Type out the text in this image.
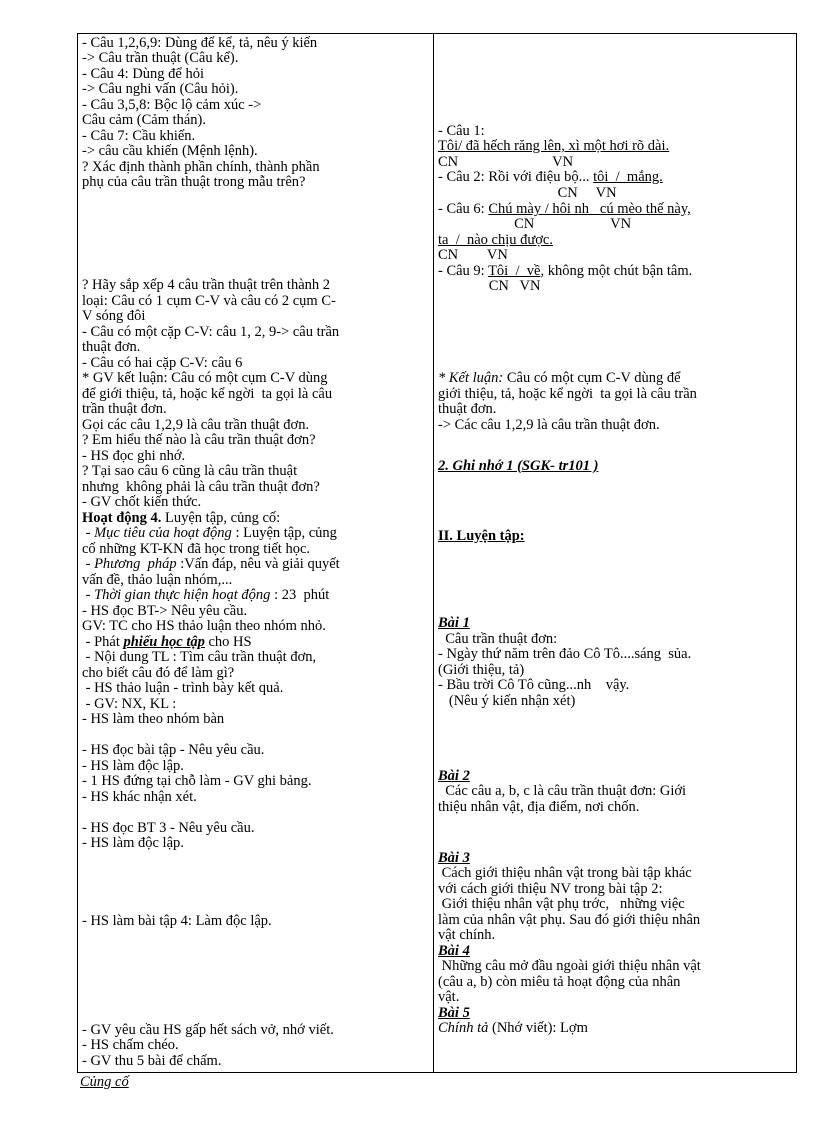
- Câu 1,2,6,9: Dùng để kể, tả, nêu ý kiến
-> Câu trần thuật (Câu kể).
- Câu 4: Dùng để hỏi
-> Câu nghi vấn (Câu hỏi).
- Câu 3,5,8: Bộc lộ cảm xúc ->
Câu cảm (Cảm thán).
- Câu 7: Cầu khiến.
-> câu cầu khiến (Mệnh lệnh).
? Xác định thành phần chính, thành phần
phụ của câu trần thuật trong mẫu trên?
? Hãy sắp xếp 4 câu trần thuật trên thành 2
loại: Câu có 1 cụm C-V và câu có 2 cụm C-
V sóng đôi
- Câu có một cặp C-V: câu 1, 2, 9-> câu trần
thuật đơn.
- Câu có hai cặp C-V: câu 6
* GV kết luận: Câu có một cụm C-V dùng
để giới thiệu, tả, hoặc kể ngời  ta gọi là câu
trần thuật đơn.
Gọi các câu 1,2,9 là câu trần thuật đơn.
? Em hiểu thế nào là câu trần thuật đơn?
- HS đọc ghi nhớ.
? Tại sao câu 6 cũng là câu trần thuật
nhưng  không phải là câu trần thuật đơn?
- GV chốt kiến thức.
Hoạt động 4. Luyện tập, củng cố:
- Mục tiêu của hoạt động : Luyện tập, củng
cố những KT-KN đã học trong tiết học.
- Phương  pháp :Vấn đáp, nêu và giải quyết
vấn đề, thảo luận nhóm,...
- Thời gian thực hiện hoạt động : 23  phút
- HS đọc BT-> Nêu yêu cầu.
GV: TC cho HS thảo luận theo nhóm nhỏ.
- Phát phiếu học tập cho HS
- Nội dung TL : Tìm câu trần thuật đơn,
cho biết câu đó để làm gì?
- HS thảo luận - trình bày kết quả.
- GV: NX, KL :
- HS làm theo nhóm bàn
- HS đọc bài tập - Nêu yêu cầu.
- HS làm độc lập.
- 1 HS đứng tại chỗ làm - GV ghi bảng.
- HS khác nhận xét.
- HS đọc BT 3 - Nêu yêu cầu.
- HS làm độc lập.
- HS làm bài tập 4: Làm độc lập.
- GV yêu cầu HS gấp hết sách vở, nhớ viết.
- HS chấm chéo.
- GV thu 5 bài để chấm.
- Câu 1:
Tôi/ đã hếch răng lên, xì một hơi rõ dài.
CN                          VN
- Câu 2: Rồi với điệu bộ... tôi  /  mắng.
CN     VN
- Câu 6: Chú mày / hôi nh   cú mèo thế này,
CN                     VN
ta  /  nào chịu được.
CN        VN
- Câu 9: Tôi  /  về, không một chút bận tâm.
CN   VN
* Kết luận: Câu có một cụm C-V dùng để
giới thiệu, tả, hoặc kể ngời  ta gọi là câu trần
thuật đơn.
-> Các câu 1,2,9 là câu trần thuật đơn.
2. Ghi nhớ 1 (SGK- tr101 )
II. Luyện tập:
Bài 1
Câu trần thuật đơn:
- Ngày thứ năm trên đảo Cô Tô....sáng  sủa.
(Giới thiệu, tả)
- Bầu trời Cô Tô cũng...nh    vậy.
(Nêu ý kiến nhận xét)
Bài 2
Các câu a, b, c là câu trần thuật đơn: Giới
thiệu nhân vật, địa điểm, nơi chốn.
Bài 3
Cách giới thiệu nhân vật trong bài tập khác
với cách giới thiệu NV trong bài tập 2:
Giới thiệu nhân vật phụ trớc,   những việc
làm của nhân vật phụ. Sau đó giới thiệu nhân
vật chính.
Bài 4
Những câu mở đầu ngoài giới thiệu nhân vật
(câu a, b) còn miêu tả hoạt động của nhân
vật.
Bài 5
Chính tả (Nhớ viết): Lợm
Củng cố
